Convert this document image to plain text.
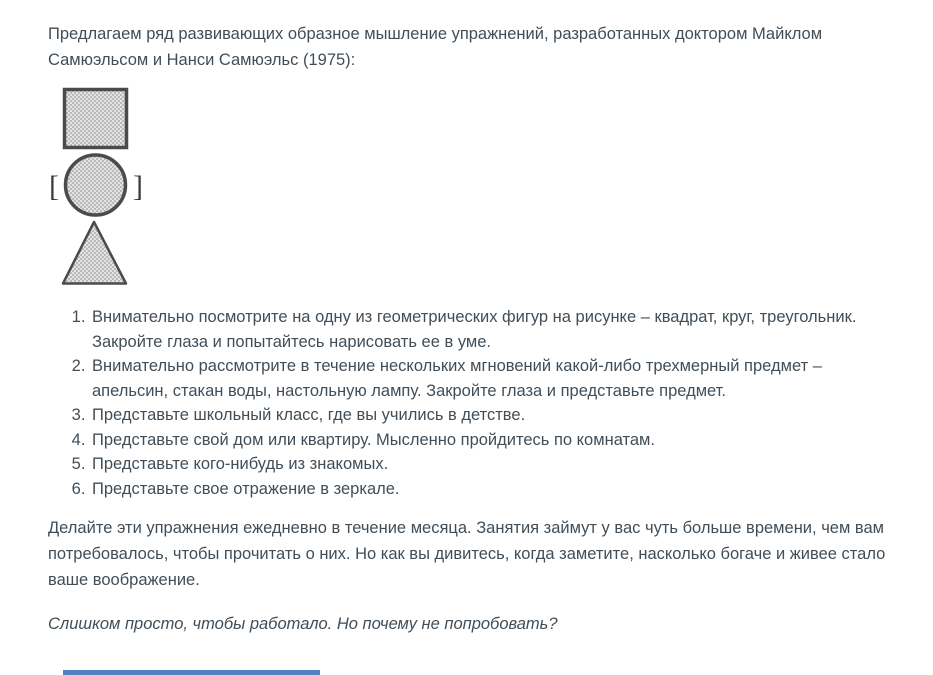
Предлагаем ряд развивающих образное мышление упражнений, разработанных доктором Майклом Самюэльсом и Нанси Самюэльс (1975):

[ ]
1. Внимательно посмотрите на одну из геометрических фигур на рисунке – квадрат, круг, треугольник. Закройте глаза и попытайтесь нарисовать ее в уме.
2. Внимательно рассмотрите в течение нескольких мгновений какой-либо трехмерный предмет – апельсин, стакан воды, настольную лампу. Закройте глаза и представьте предмет.
3. Представьте школьный класс, где вы учились в детстве.
4. Представьте свой дом или квартиру. Мысленно пройдитесь по комнатам.
5. Представьте кого-нибудь из знакомых.
6. Представьте свое отражение в зеркале.

Делайте эти упражнения ежедневно в течение месяца. Занятия займут у вас чуть больше времени, чем вам потребовалось, чтобы прочитать о них. Но как вы дивитесь, когда заметите, насколько богаче и живее стало ваше воображение.

Слишком просто, чтобы работало. Но почему не попробовать?
